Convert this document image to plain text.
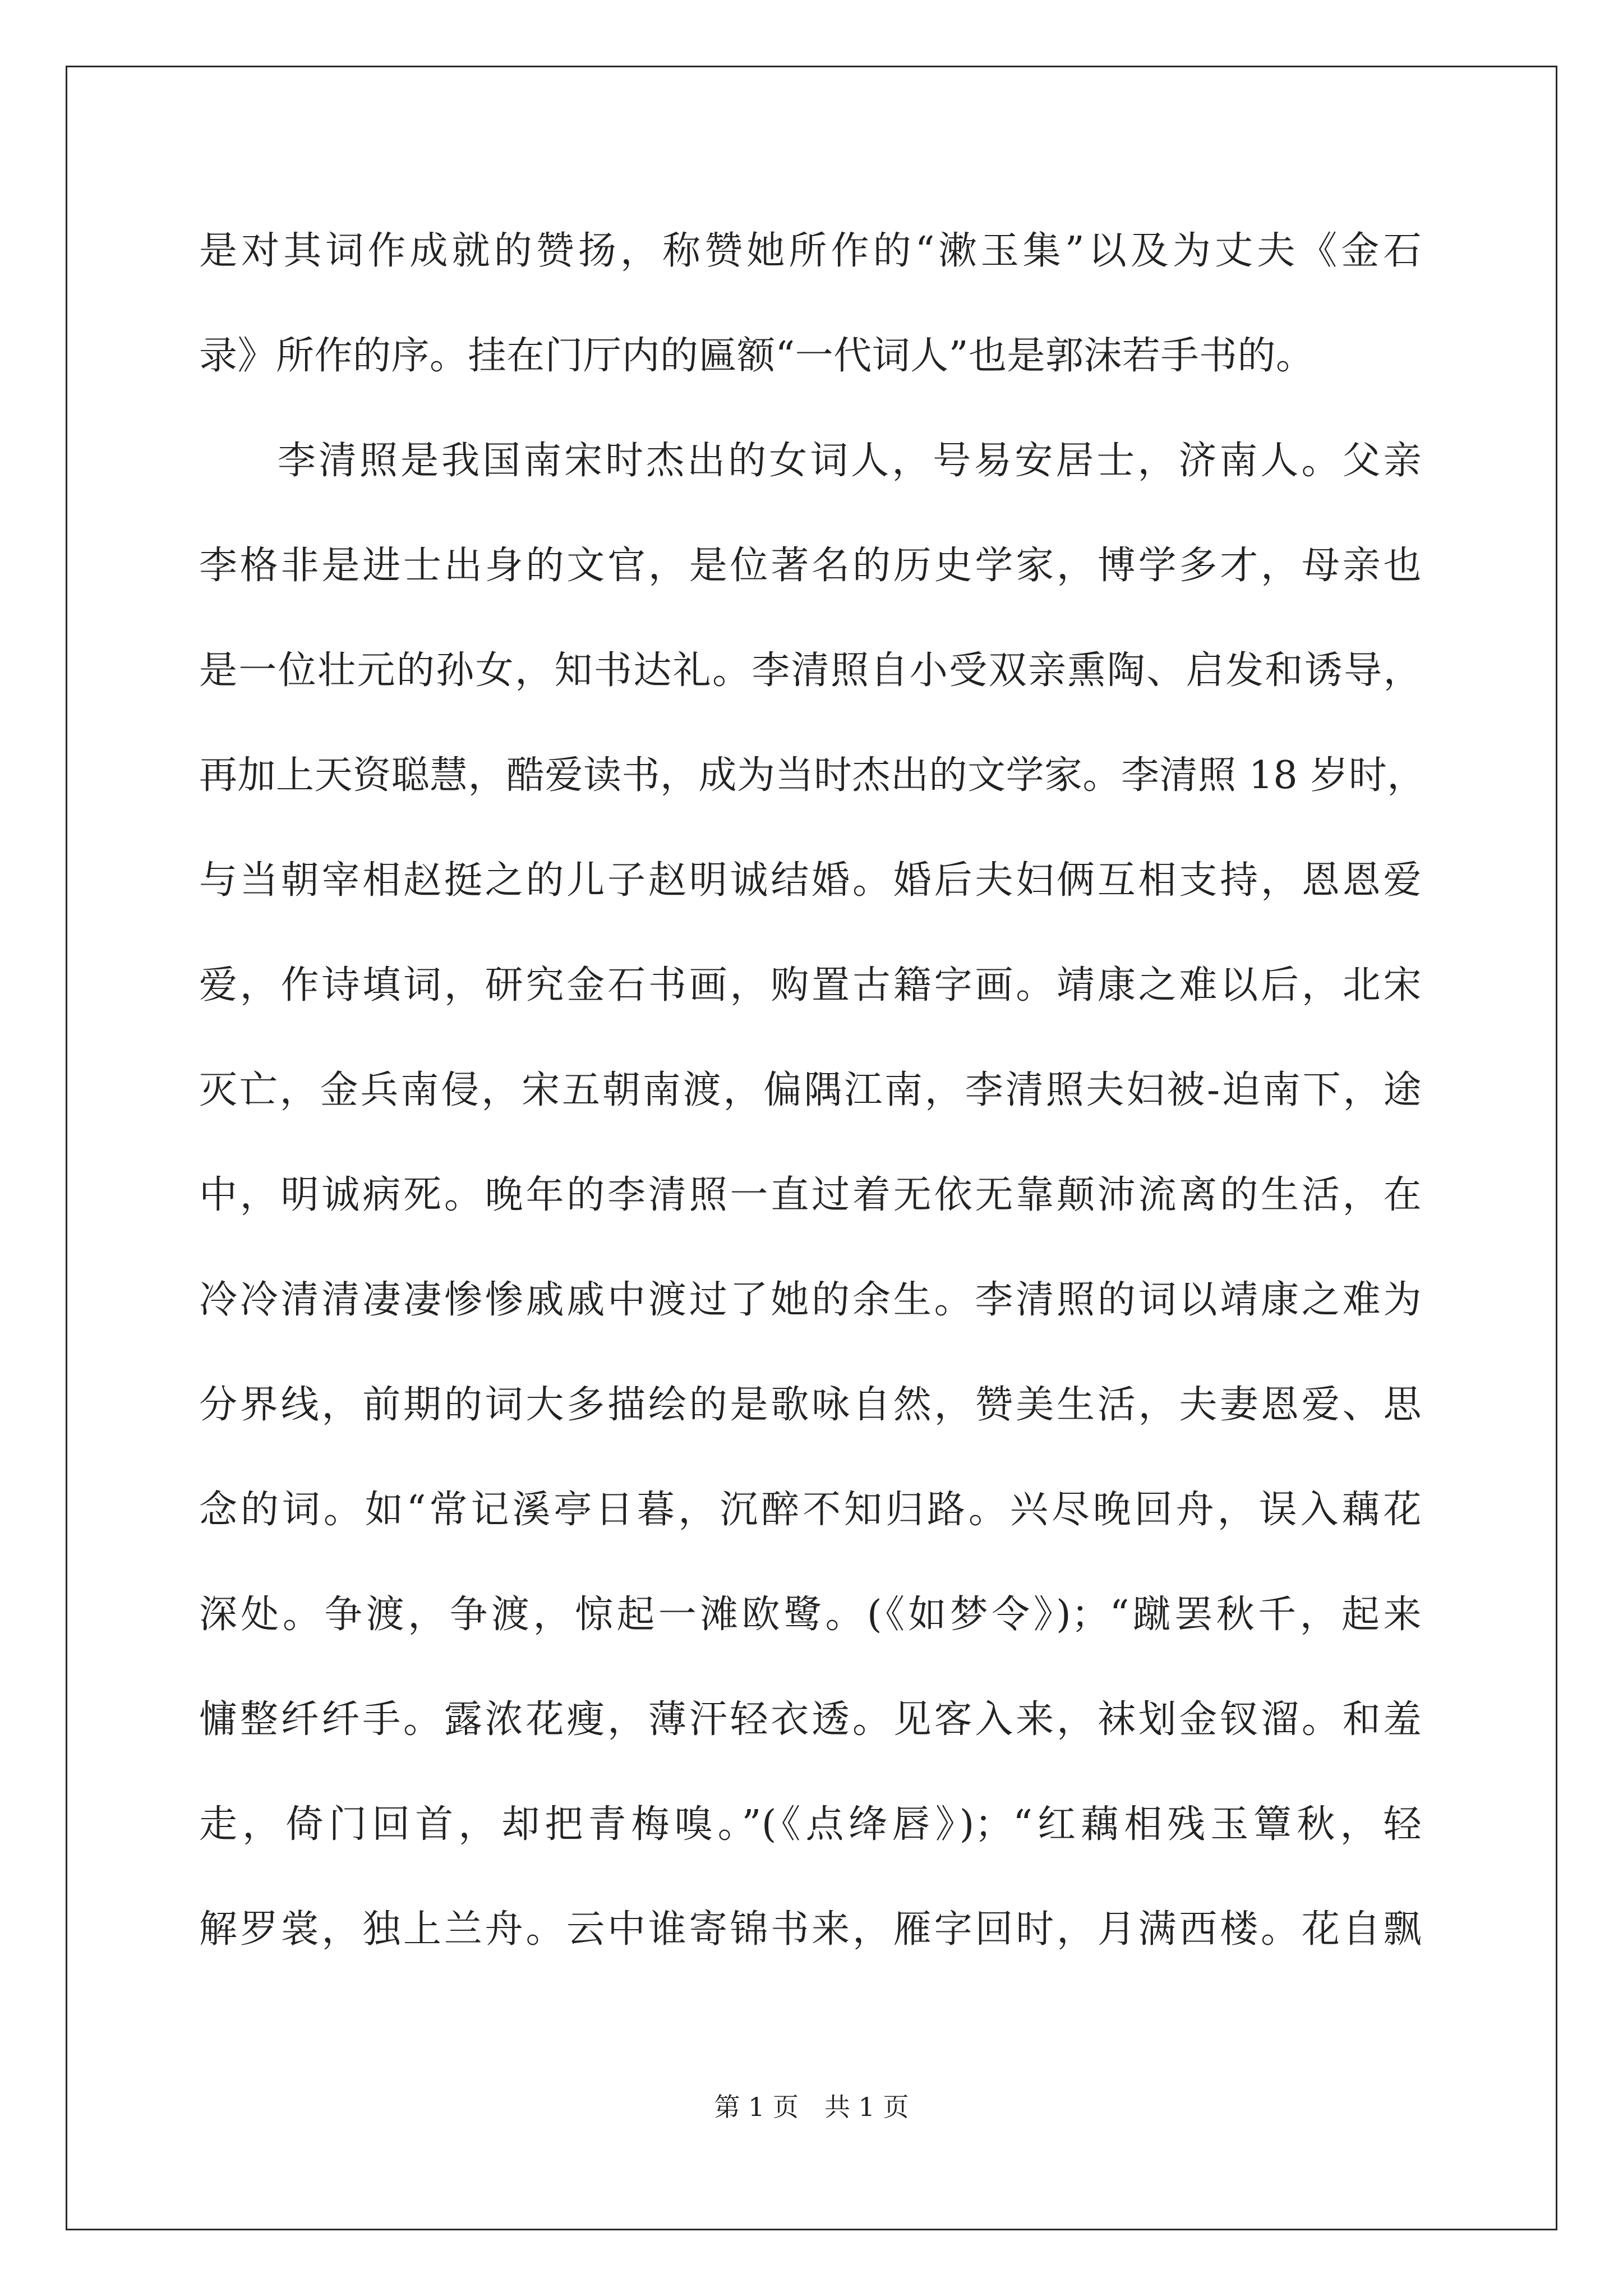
是对其词作成就的赞扬，称赞她所作的“漱玉集”以及为丈夫《金石
录》所作的序。挂在门厅内的匾额“一代词人”也是郭沫若手书的。
李清照是我国南宋时杰出的女词人，号易安居士，济南人。父亲
李格非是进士出身的文官，是位著名的历史学家，博学多才，母亲也
是一位壮元的孙女，知书达礼。李清照自小受双亲熏陶、启发和诱导，
再加上天资聪慧，酷爱读书，成为当时杰出的文学家。李清照 18 岁时，
与当朝宰相赵挺之的儿子赵明诚结婚。婚后夫妇俩互相支持，恩恩爱
爱，作诗填词，研究金石书画，购置古籍字画。靖康之难以后，北宋
灭亡，金兵南侵，宋五朝南渡，偏隅江南，李清照夫妇被-迫南下，途
中，明诚病死。晚年的李清照一直过着无依无靠颠沛流离的生活，在
冷冷清清凄凄惨惨戚戚中渡过了她的余生。李清照的词以靖康之难为
分界线，前期的词大多描绘的是歌咏自然，赞美生活，夫妻恩爱、思
念的词。如“常记溪亭日暮，沉醉不知归路。兴尽晚回舟，误入藕花
深处。争渡，争渡，惊起一滩欧鹭。(《如梦令》)；“蹴罢秋千，起来
慵整纤纤手。露浓花瘦，薄汗轻衣透。见客入来，袜划金钗溜。和羞
走，倚门回首，却把青梅嗅。”(《点绛唇》)；“红藕相残玉簟秋，轻
解罗裳，独上兰舟。云中谁寄锦书来，雁字回时，月满西楼。花自飘
第 1 页　共 1 页
